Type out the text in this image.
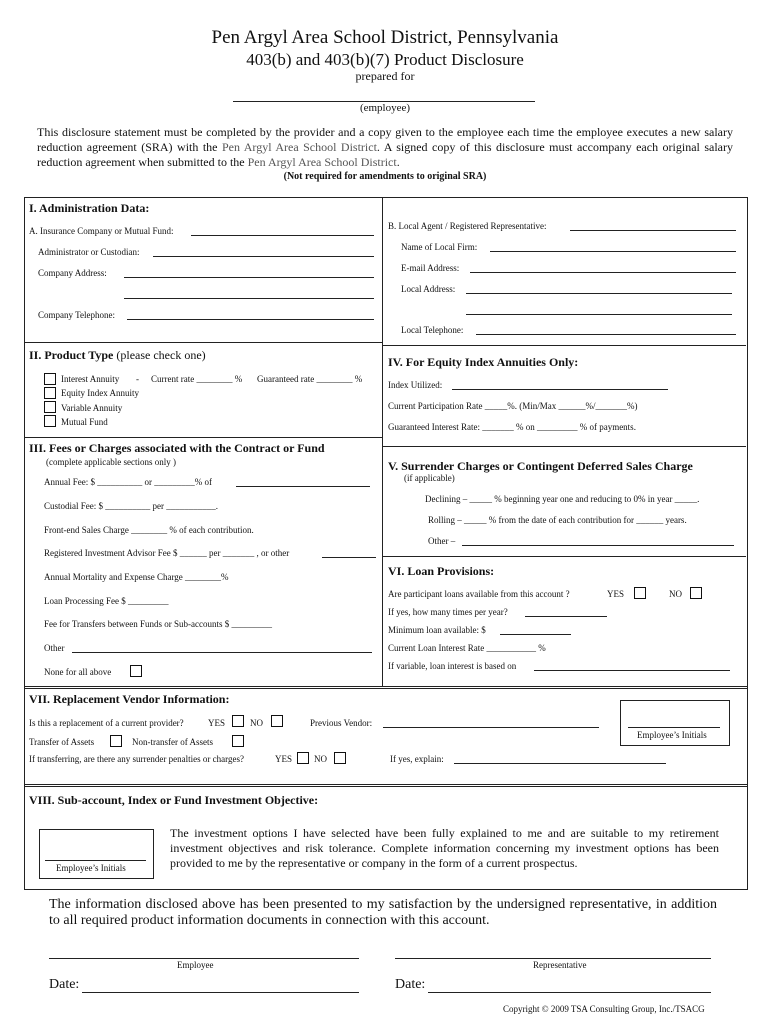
Pen Argyl Area School District, Pennsylvania
403(b) and 403(b)(7) Product Disclosure
prepared for
(employee)
This disclosure statement must be completed by the provider and a copy given to the employee each time the employee executes a new salary reduction agreement (SRA) with the Pen Argyl Area School District. A signed copy of this disclosure must accompany each original salary reduction agreement when submitted to the Pen Argyl Area School District.
(Not required for amendments to original SRA)
I. Administration Data:
A. Insurance Company or Mutual Fund:
Administrator or Custodian:
Company Address:
Company Telephone:
B. Local Agent / Registered Representative:
Name of Local Firm:
E-mail Address:
Local Address:
Local Telephone:
II. Product Type (please check one)
Interest Annuity - Current rate ________ % Guaranteed rate ________ %
Equity Index Annuity
Variable Annuity
Mutual Fund
IV. For Equity Index Annuities Only:
Index Utilized:
Current Participation Rate _____%. (Min/Max ______%/_______%)
Guaranteed Interest Rate: _______ % on _________ % of payments.
III. Fees or Charges associated with the Contract or Fund
(complete applicable sections only )
Annual Fee: $ __________ or _________% of
Custodial Fee: $ __________ per ___________.
Front-end Sales Charge ________ % of each contribution.
Registered Investment Advisor Fee $ ______ per _______ , or other
Annual Mortality and Expense Charge ________%
Loan Processing Fee $ _________
Fee for Transfers between Funds or Sub-accounts $ _________
Other
None for all above
V. Surrender Charges or Contingent Deferred Sales Charge
(if applicable)
Declining – _____ % beginning year one and reducing to 0% in year _____.
Rolling – _____ % from the date of each contribution for ______ years.
Other –
VI. Loan Provisions:
Are participant loans available from this account ?	YES	NO
If yes, how many times per year?
Minimum loan available: $
Current Loan Interest Rate ___________ %
If variable, loan interest is based on
VII. Replacement Vendor Information:
Is this a replacement of a current provider?	YES	NO	Previous Vendor:
Transfer of Assets	Non-transfer of Assets
If transferring, are there any surrender penalties or charges?	YES NO	If yes, explain:
Employee’s Initials
VIII. Sub-account, Index or Fund Investment Objective:
Employee’s Initials
The investment options I have selected have been fully explained to me and are suitable to my retirement investment objectives and risk tolerance. Complete information concerning my investment options has been provided to me by the representative or company in the form of a current prospectus.
The information disclosed above has been presented to my satisfaction by the undersigned representative, in addition to all required product information documents in connection with this account.
Employee	Representative
Date:	Date:
Copyright © 2009 TSA Consulting Group, Inc./TSACG
